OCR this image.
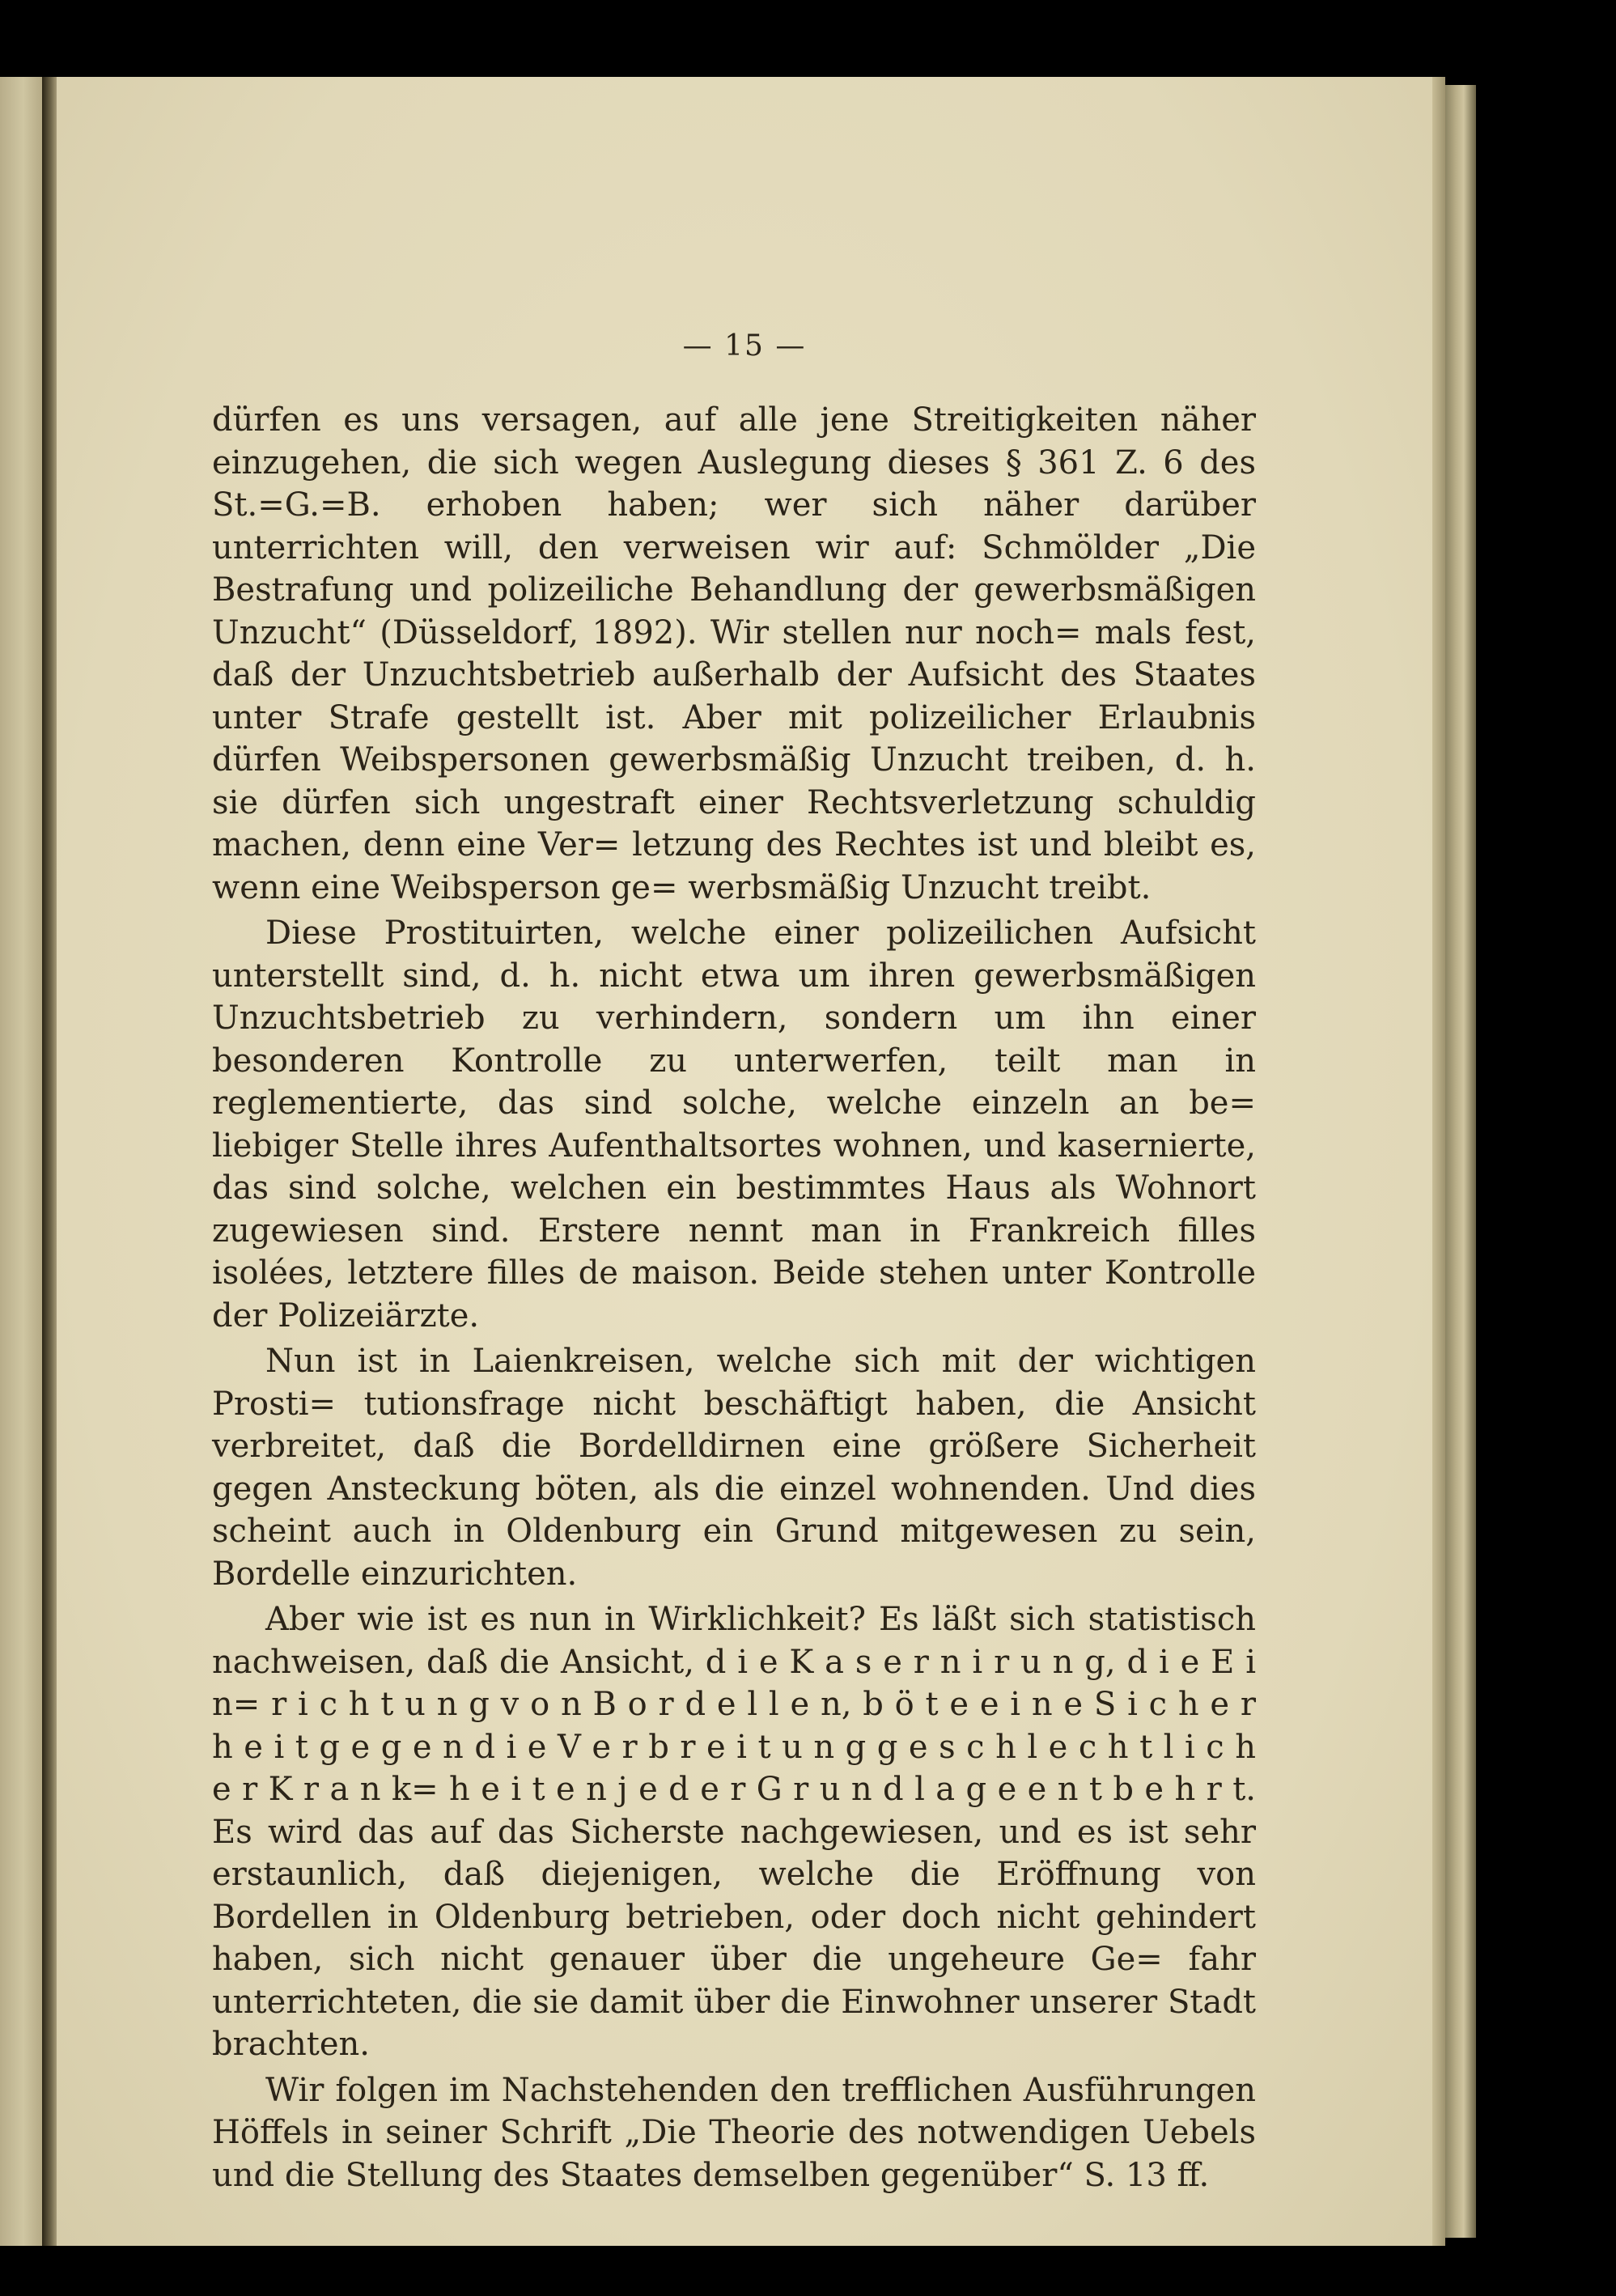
— 15 —

dürfen es uns versagen, auf alle jene Streitigkeiten näher einzugehen, die sich wegen Auslegung dieses § 361 Z. 6 des St.=G.=B. erhoben haben; wer sich näher darüber unterrichten will, den verweisen wir auf: Schmölder „Die Bestrafung und polizeiliche Behandlung der gewerbsmäßigen Unzucht“ (Düsseldorf, 1892). Wir stellen nur noch= mals fest, daß der Unzuchtsbetrieb außerhalb der Aufsicht des Staates unter Strafe gestellt ist. Aber mit polizeilicher Erlaubnis dürfen Weibspersonen gewerbsmäßig Unzucht treiben, d. h. sie dürfen sich ungestraft einer Rechtsverletzung schuldig machen, denn eine Ver= letzung des Rechtes ist und bleibt es, wenn eine Weibsperson ge= werbsmäßig Unzucht treibt.

Diese Prostituirten, welche einer polizeilichen Aufsicht unterstellt sind, d. h. nicht etwa um ihren gewerbsmäßigen Unzuchtsbetrieb zu verhindern, sondern um ihn einer besonderen Kontrolle zu unterwerfen, teilt man in reglementierte, das sind solche, welche einzeln an be= liebiger Stelle ihres Aufenthaltsortes wohnen, und kasernierte, das sind solche, welchen ein bestimmtes Haus als Wohnort zugewiesen sind. Erstere nennt man in Frankreich filles isolées, letztere filles de maison. Beide stehen unter Kontrolle der Polizeiärzte.

Nun ist in Laienkreisen, welche sich mit der wichtigen Prosti= tutionsfrage nicht beschäftigt haben, die Ansicht verbreitet, daß die Bordelldirnen eine größere Sicherheit gegen Ansteckung böten, als die einzel wohnenden. Und dies scheint auch in Oldenburg ein Grund mitgewesen zu sein, Bordelle einzurichten.

Aber wie ist es nun in Wirklichkeit? Es läßt sich statistisch nachweisen, daß die Ansicht, d i e K a s e r n i r u n g, d i e E i n= r i c h t u n g v o n B o r d e l l e n, b ö t e e i n e S i c h e r h e i t g e g e n d i e V e r b r e i t u n g g e s c h l e c h t l i c h e r K r a n k= h e i t e n j e d e r G r u n d l a g e e n t b e h r t. Es wird das auf das Sicherste nachgewiesen, und es ist sehr erstaunlich, daß diejenigen, welche die Eröffnung von Bordellen in Oldenburg betrieben, oder doch nicht gehindert haben, sich nicht genauer über die ungeheure Ge= fahr unterrichteten, die sie damit über die Einwohner unserer Stadt brachten.

Wir folgen im Nachstehenden den trefflichen Ausführungen Höffels in seiner Schrift „Die Theorie des notwendigen Uebels und die Stellung des Staates demselben gegenüber“ S. 13 ff.
